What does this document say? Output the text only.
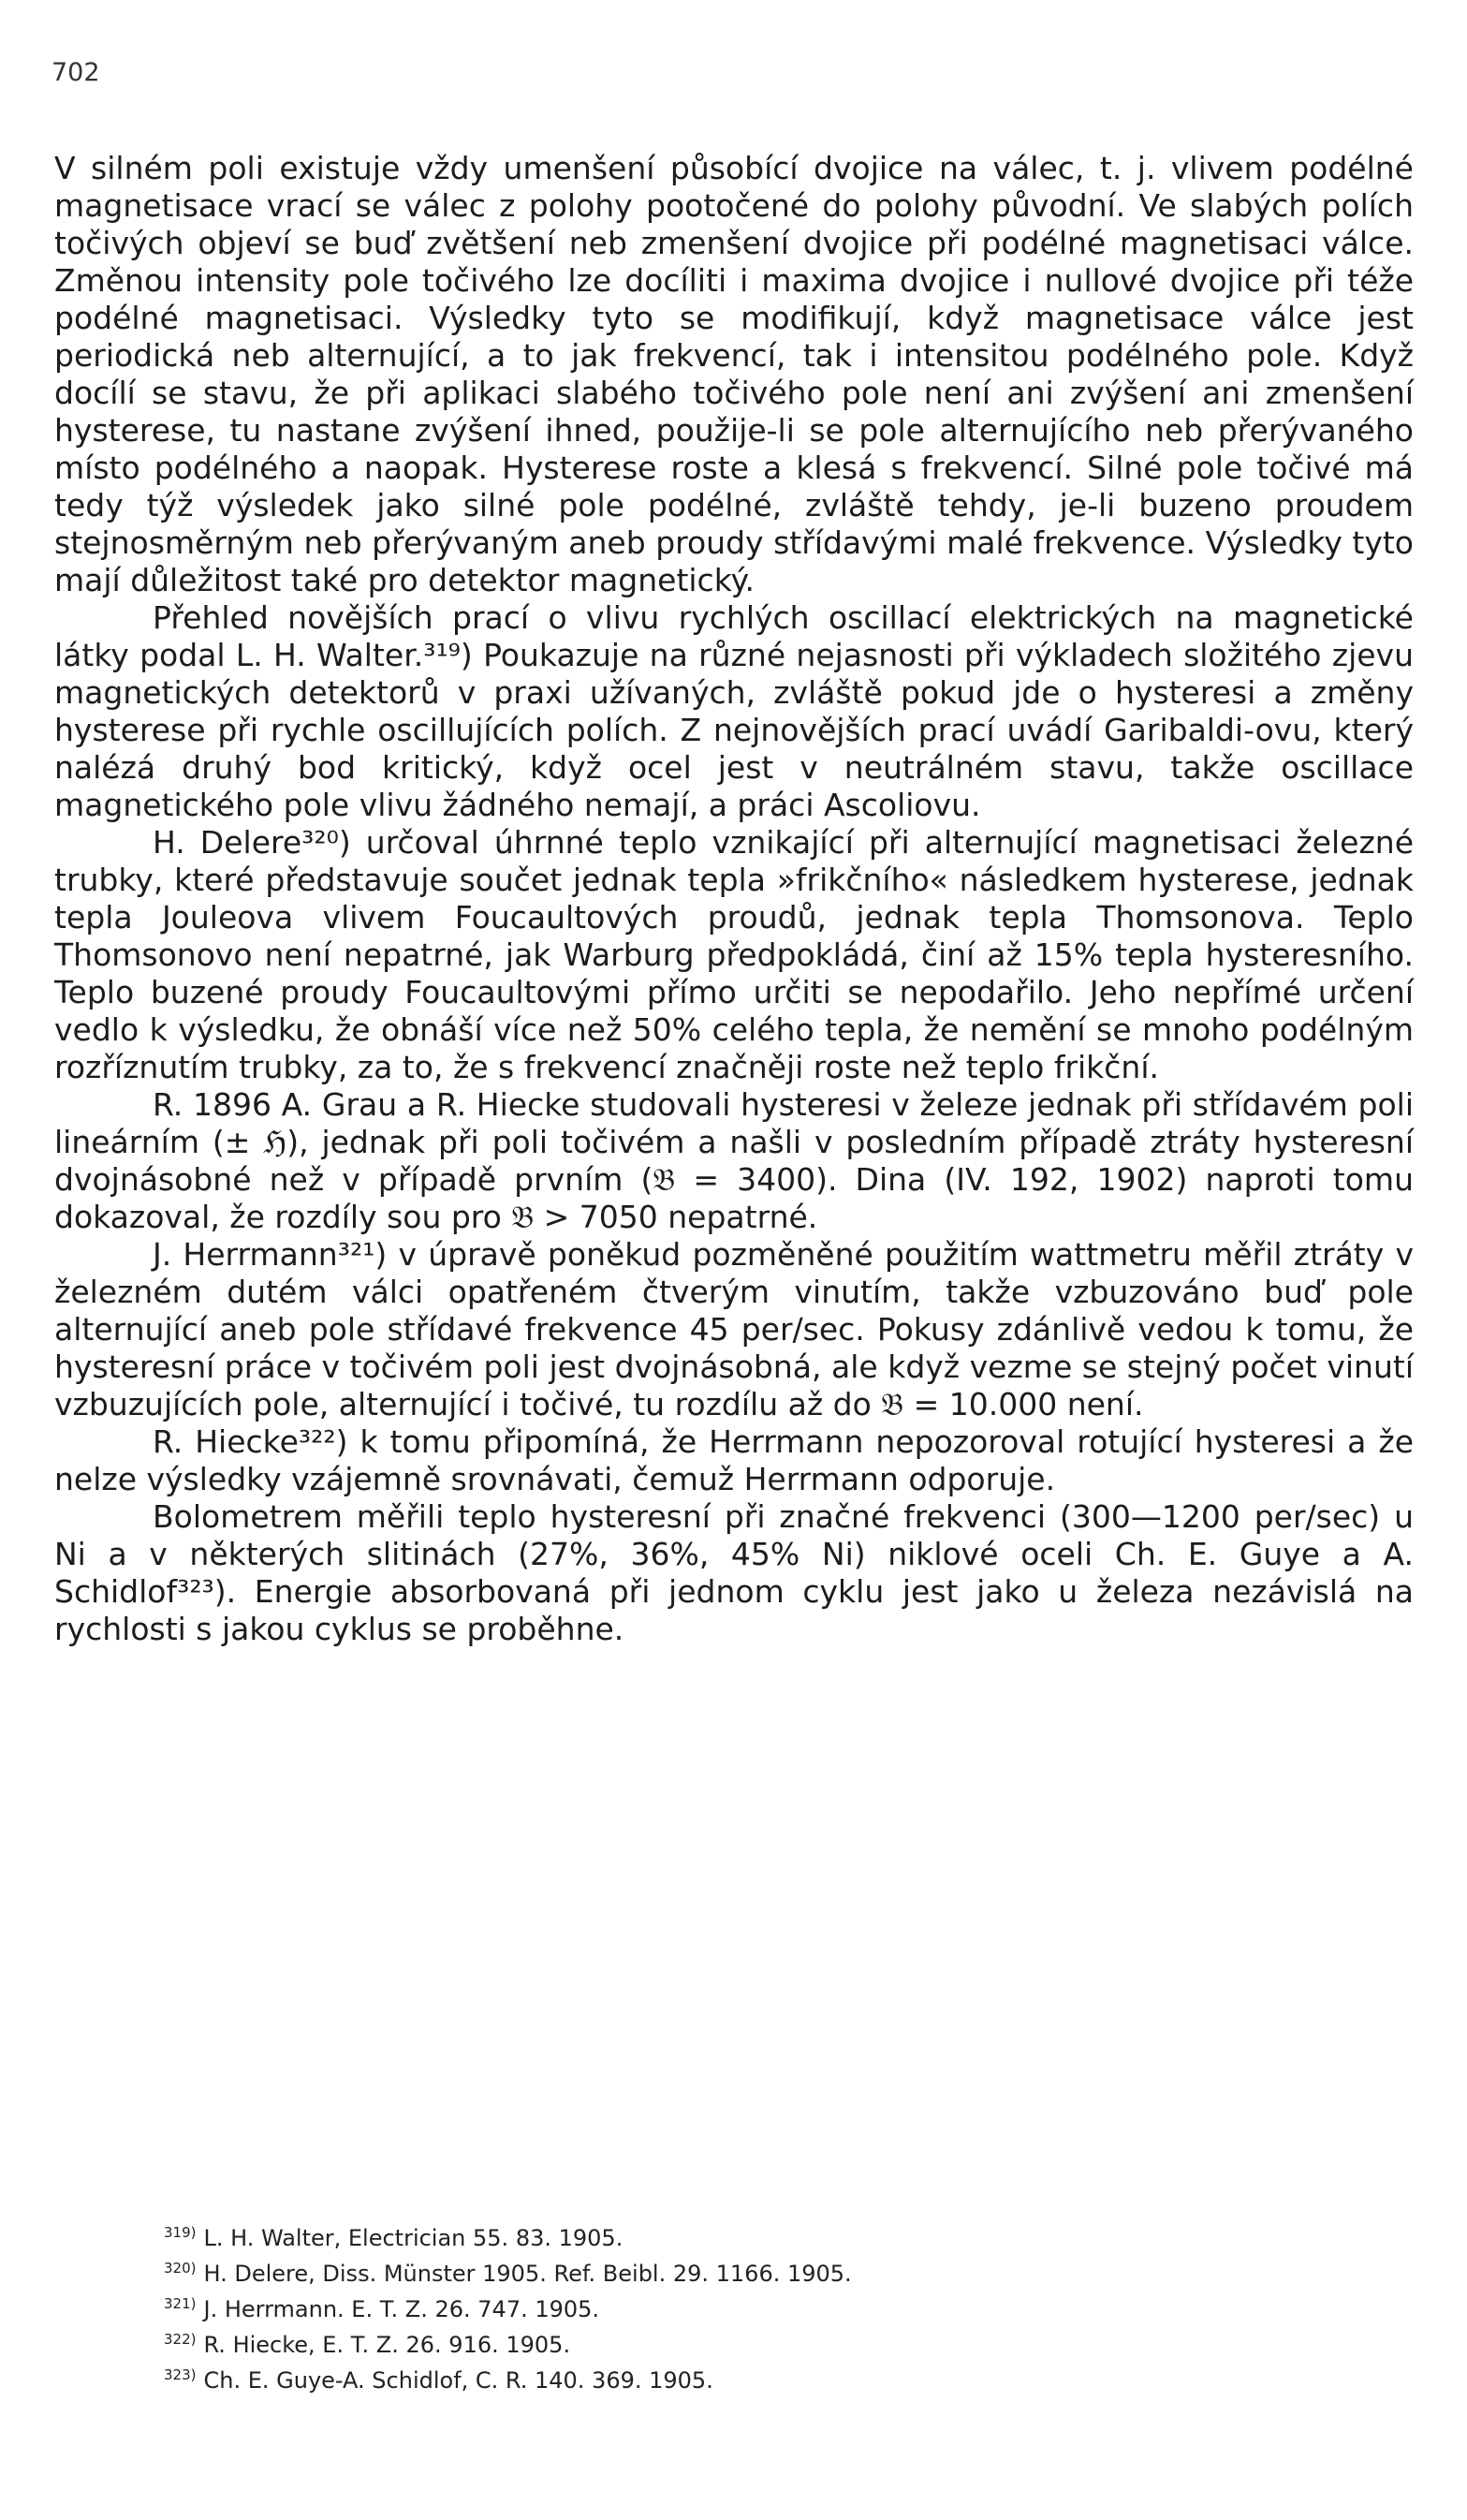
702

V silném poli existuje vždy umenšení působící dvojice na válec, t. j. vlivem podélné magnetisace vrací se válec z polohy pootočené do polohy původní. Ve slabých polích točivých objeví se buď zvětšení neb zmenšení dvojice při podélné magnetisaci válce. Změnou intensity pole točivého lze docíliti i maxima dvojice i nullové dvojice při téže podélné magnetisaci. Výsledky tyto se modifikují, když magnetisace válce jest periodická neb alternující, a to jak frekvencí, tak i intensitou podélného pole. Když docílí se stavu, že při aplikaci slabého točivého pole není ani zvýšení ani zmenšení hysterese, tu nastane zvýšení ihned, použije-li se pole alternujícího neb přerývaného místo podélného a naopak. Hysterese roste a klesá s frekvencí. Silné pole točivé má tedy týž výsledek jako silné pole podélné, zvláště tehdy, je-li buzeno proudem stejnosměrným neb přerývaným aneb proudy střídavými malé frekvence. Výsledky tyto mají důležitost také pro detektor magnetický.

Přehled novějších prací o vlivu rychlých oscillací elektrických na magnetické látky podal L. H. Walter.³¹⁹) Poukazuje na různé nejasnosti při výkladech složitého zjevu magnetických detektorů v praxi užívaných, zvláště pokud jde o hysteresi a změny hysterese při rychle oscillujících polích. Z nejnovějších prací uvádí Garibaldi-ovu, který nalézá druhý bod kritický, když ocel jest v neutrálném stavu, takže oscillace magnetického pole vlivu žádného nemají, a práci Ascoliovu.

H. Delere³²⁰) určoval úhrnné teplo vznikající při alternující magnetisaci železné trubky, které představuje součet jednak tepla »frikčního« následkem hysterese, jednak tepla Jouleova vlivem Foucaultových proudů, jednak tepla Thomsonova. Teplo Thomsonovo není nepatrné, jak Warburg předpokládá, činí až 15% tepla hysteresního. Teplo buzené proudy Foucaultovými přímo určiti se nepodařilo. Jeho nepřímé určení vedlo k výsledku, že obnáší více než 50% celého tepla, že nemění se mnoho podélným rozříznutím trubky, za to, že s frekvencí značněji roste než teplo frikční.

R. 1896 A. Grau a R. Hiecke studovali hysteresi v železe jednak při střídavém poli lineárním (± ℌ), jednak při poli točivém a našli v posledním případě ztráty hysteresní dvojnásobné než v případě prvním (𝔅 = 3400). Dina (IV. 192, 1902) naproti tomu dokazoval, že rozdíly sou pro 𝔅 > 7050 nepatrné.

J. Herrmann³²¹) v úpravě poněkud pozměněné použitím wattmetru měřil ztráty v železném dutém válci opatřeném čtverým vinutím, takže vzbuzováno buď pole alternující aneb pole střídavé frekvence 45 per/sec. Pokusy zdánlivě vedou k tomu, že hysteresní práce v točivém poli jest dvojnásobná, ale když vezme se stejný počet vinutí vzbuzujících pole, alternující i točivé, tu rozdílu až do 𝔅 = 10.000 není.

R. Hiecke³²²) k tomu připomíná, že Herrmann nepozoroval rotující hysteresi a že nelze výsledky vzájemně srovnávati, čemuž Herrmann odporuje.

Bolometrem měřili teplo hysteresní při značné frekvenci (300—1200 per/sec) u Ni a v některých slitinách (27%, 36%, 45% Ni) niklové oceli Ch. E. Guye a A. Schidlof³²³). Energie absorbovaná při jednom cyklu jest jako u železa nezávislá na rychlosti s jakou cyklus se proběhne.

$^{319)}$ L. H. Walter, Electrician 55. 83. 1905.

$^{320)}$ H. Delere, Diss. Münster 1905. Ref. Beibl. 29. 1166. 1905.

$^{321)}$ J. Herrmann. E. T. Z. 26. 747. 1905.

$^{322)}$ R. Hiecke, E. T. Z. 26. 916. 1905.

$^{323)}$ Ch. E. Guye-A. Schidlof, C. R. 140. 369. 1905.
